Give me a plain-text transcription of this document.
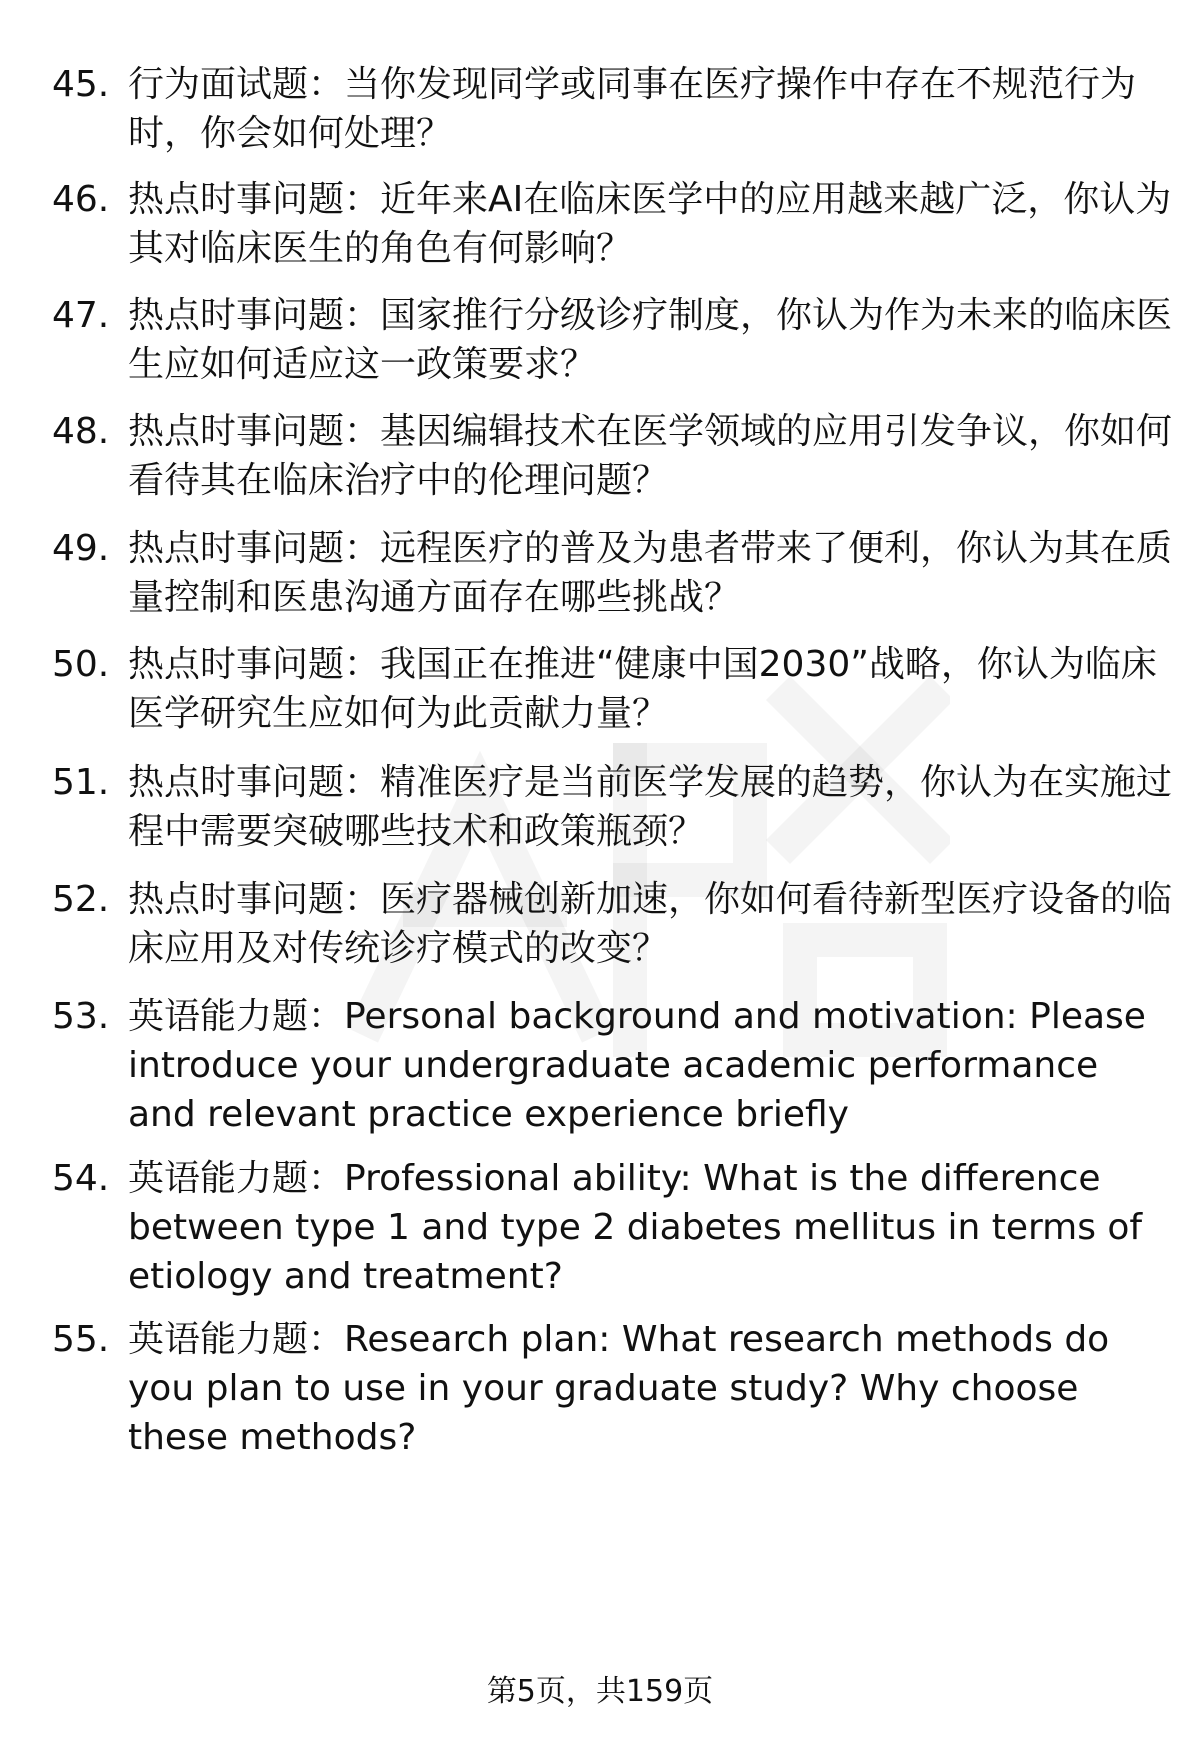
45. 行为面试题：当你发现同学或同事在医疗操作中存在不规范行为时，你会如何处理？
46. 热点时事问题：近年来AI在临床医学中的应用越来越广泛，你认为其对临床医生的角色有何影响？
47. 热点时事问题：国家推行分级诊疗制度，你认为作为未来的临床医生应如何适应这一政策要求？
48. 热点时事问题：基因编辑技术在医学领域的应用引发争议，你如何看待其在临床治疗中的伦理问题？
49. 热点时事问题：远程医疗的普及为患者带来了便利，你认为其在质量控制和医患沟通方面存在哪些挑战？
50. 热点时事问题：我国正在推进“健康中国2030”战略，你认为临床医学研究生应如何为此贡献力量？
51. 热点时事问题：精准医疗是当前医学发展的趋势，你认为在实施过程中需要突破哪些技术和政策瓶颈？
52. 热点时事问题：医疗器械创新加速，你如何看待新型医疗设备的临床应用及对传统诊疗模式的改变？
53. 英语能力题：Personal background and motivation: Please introduce your undergraduate academic performance and relevant practice experience briefly
54. 英语能力题：Professional ability: What is the difference between type 1 and type 2 diabetes mellitus in terms of etiology and treatment?
55. 英语能力题：Research plan: What research methods do you plan to use in your graduate study? Why choose these methods?
第5页，共159页
